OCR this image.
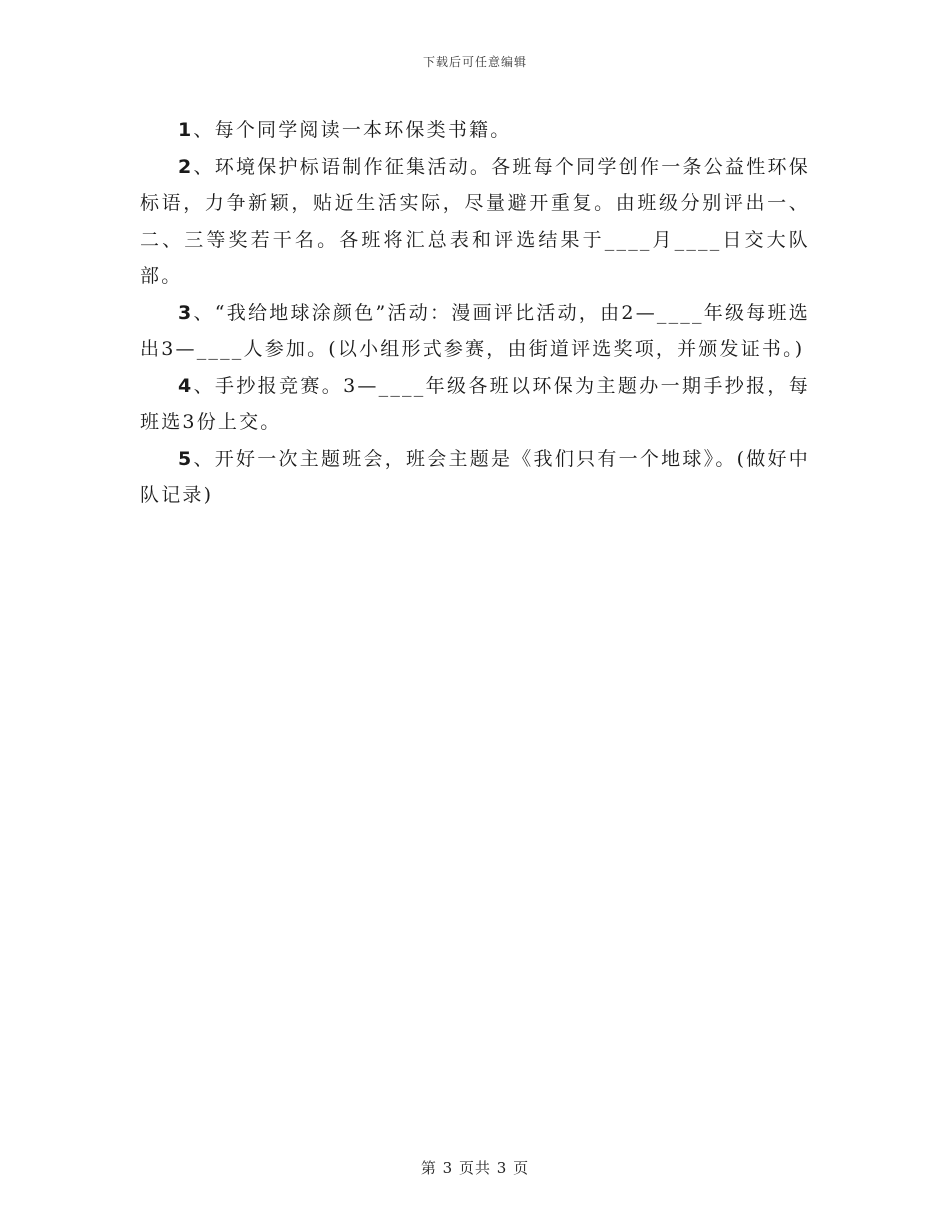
下载后可任意编辑

1、每个同学阅读一本环保类书籍。

2、环境保护标语制作征集活动。各班每个同学创作一条公益性环保标语，力争新颖，贴近生活实际，尽量避开重复。由班级分别评出一、二、三等奖若干名。各班将汇总表和评选结果于____月____日交大队部。

3、“我给地球涂颜色”活动：漫画评比活动，由2—____年级每班选出3—____人参加。(以小组形式参赛，由街道评选奖项，并颁发证书。)

4、手抄报竞赛。3—____年级各班以环保为主题办一期手抄报，每班选3份上交。

5、开好一次主题班会，班会主题是《我们只有一个地球》。(做好中队记录)

第 3 页共 3 页
